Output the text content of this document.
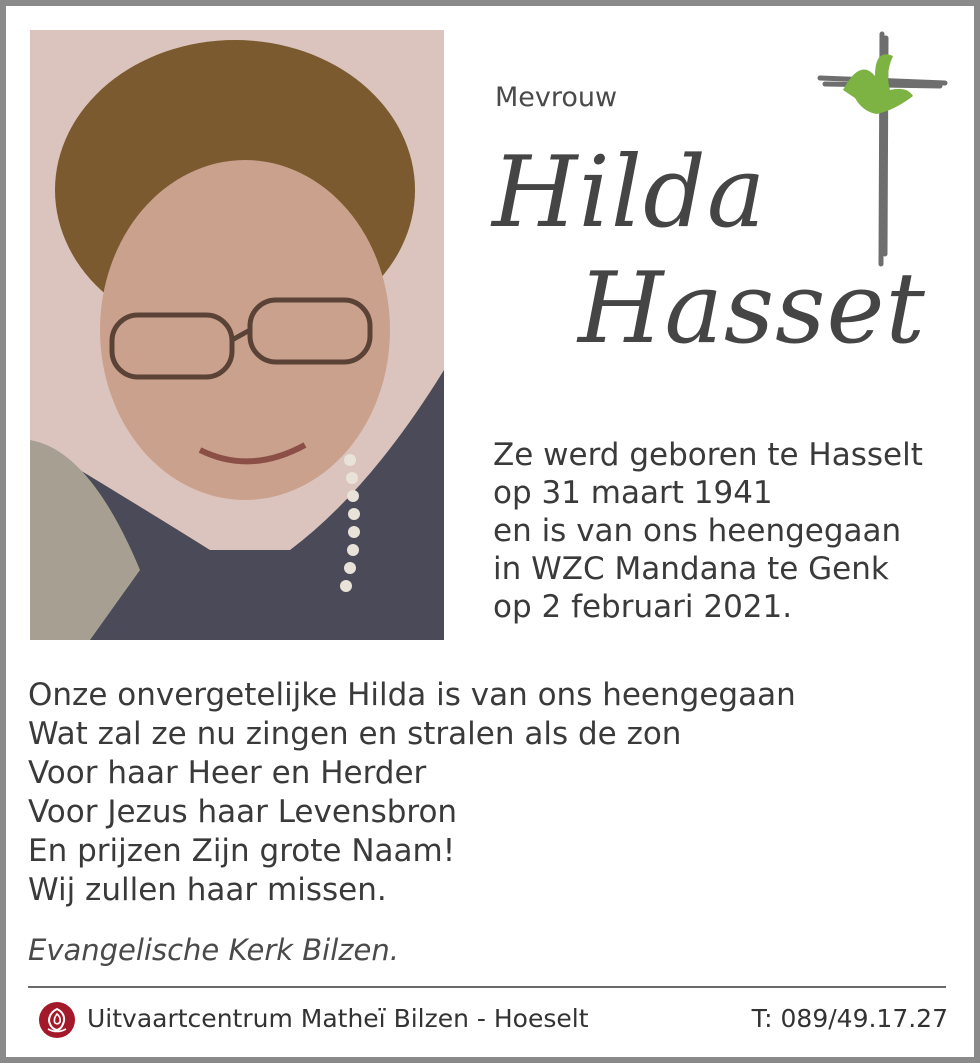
Mevrouw
Hilda
Hasset
Ze werd geboren te Hasselt
op 31 maart 1941
en is van ons heengegaan
in WZC Mandana te Genk
op 2 februari 2021.
Onze onvergetelijke Hilda is van ons heengegaan
Wat zal ze nu zingen en stralen als de zon
Voor haar Heer en Herder
Voor Jezus haar Levensbron
En prijzen Zijn grote Naam!
Wij zullen haar missen.
Evangelische Kerk Bilzen.
Uitvaartcentrum Matheï Bilzen - Hoeselt	T: 089/49.17.27
